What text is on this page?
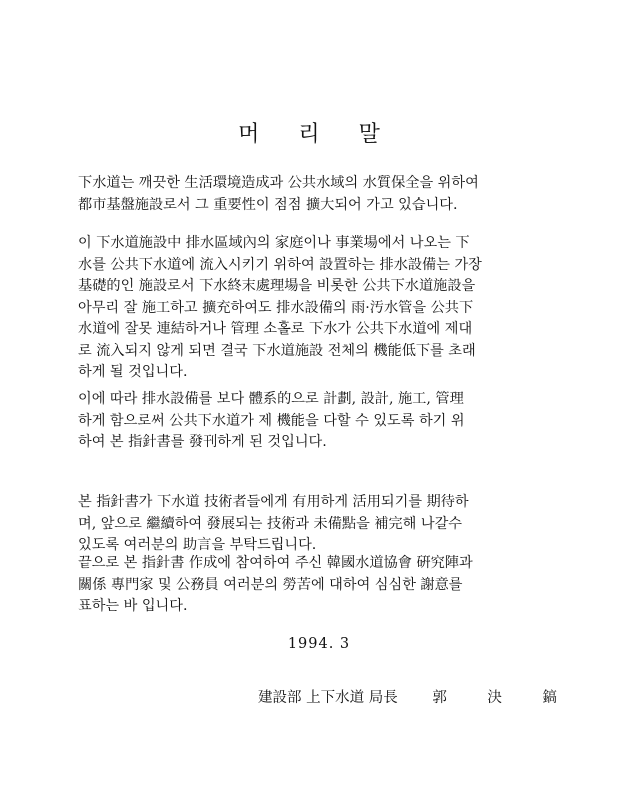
머 리 말
下水道는 깨끗한 生活環境造成과 公共水域의 水質保全을 위하여
都市基盤施設로서 그 重要性이 점점 擴大되어 가고 있습니다.
이 下水道施設中 排水區域內의 家庭이나 事業場에서 나오는 下
水를 公共下水道에 流入시키기 위하여 設置하는 排水設備는 가장
基礎的인 施設로서 下水終末處理場을 비롯한 公共下水道施設을
아무리 잘 施工하고 擴充하여도 排水設備의 雨·汚水管을 公共下
水道에 잘못 連結하거나 管理 소홀로 下水가 公共下水道에 제대
로 流入되지 않게 되면 결국 下水道施設 전체의 機能低下를 초래
하게 될 것입니다.
이에 따라 排水設備를 보다 體系的으로 計劃, 設計, 施工, 管理
하게 함으로써 公共下水道가 제 機能을 다할 수 있도록 하기 위
하여 본 指針書를 發刊하게 된 것입니다.
본 指針書가 下水道 技術者들에게 有用하게 活用되기를 期待하
며, 앞으로 繼續하여 發展되는 技術과 未備點을 補完해 나갈수
있도록 여러분의 助言을 부탁드립니다.
끝으로 본 指針書 作成에 참여하여 주신 韓國水道協會 硏究陣과
關係 專門家 및 公務員 여러분의 勞苦에 대하여 심심한 謝意를
표하는 바 입니다.
1994. 3
建設部 上下水道 局長 郭 決 鎬
